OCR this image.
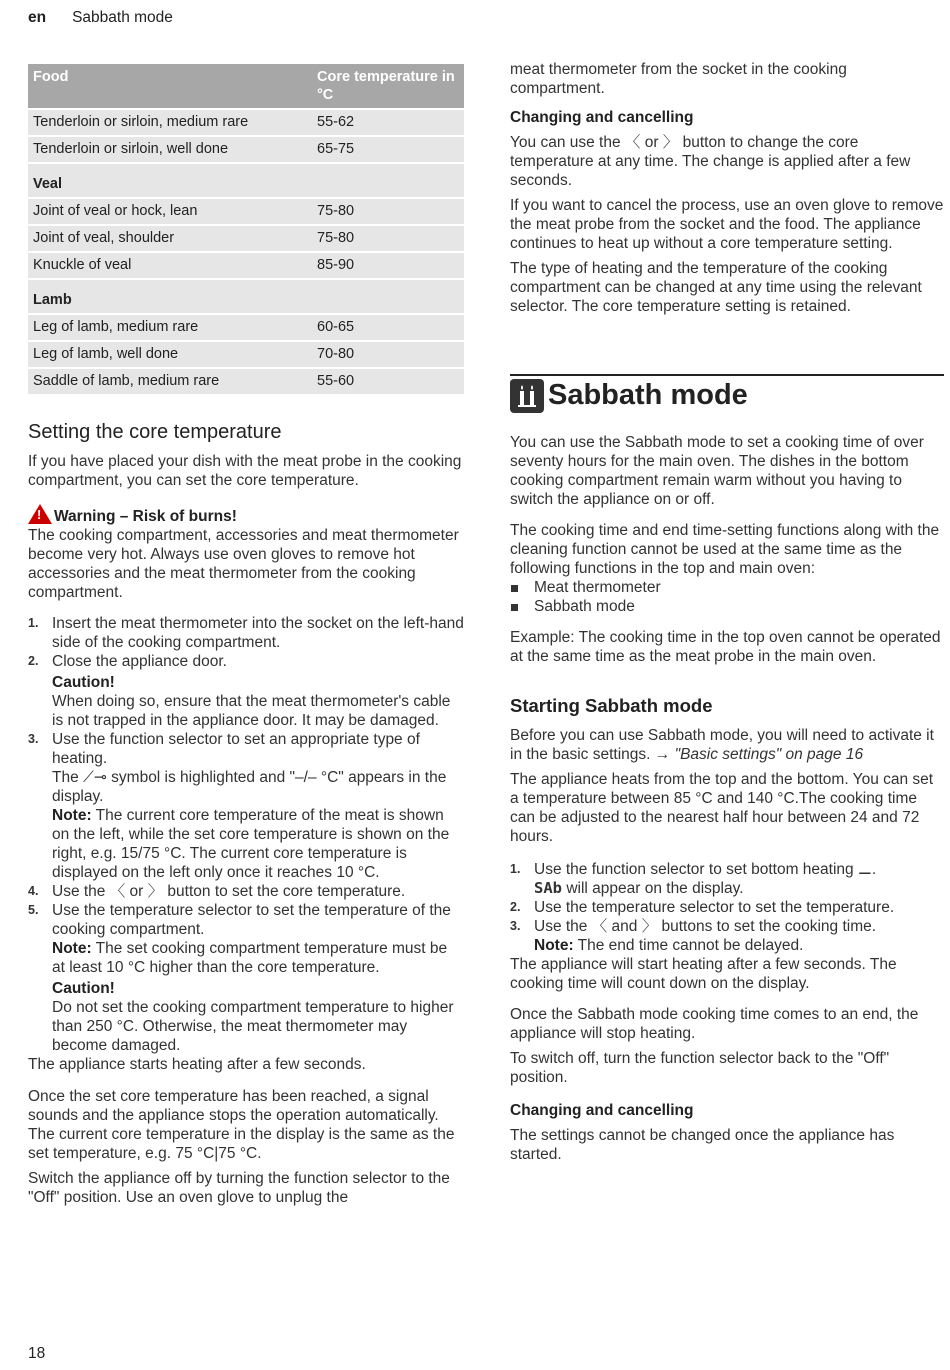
en Sabbath mode
Food	Core temperature in °C
Tenderloin or sirloin, medium rare	55-62
Tenderloin or sirloin, well done	65-75
Veal	
Joint of veal or hock, lean	75-80
Joint of veal, shoulder	75-80
Knuckle of veal	85-90
Lamb	
Leg of lamb, medium rare	60-65
Leg of lamb, well done	70-80
Saddle of lamb, medium rare	55-60
Setting the core temperature

If you have placed your dish with the meat probe in the cooking compartment, you can set the core temperature.

!Warning – Risk of burns!

The cooking compartment, accessories and meat thermometer become very hot. Always use oven gloves to remove hot accessories and the meat thermometer from the cooking compartment.

1. Insert the meat thermometer into the socket on the left-hand side of the cooking compartment.
2. Close the appliance door.
Caution!
When doing so, ensure that the meat thermometer's cable is not trapped in the appliance door. It may be damaged.
3. Use the function selector to set an appropriate type of heating.
The ⟋⊸ symbol is highlighted and "–/– °C" appears in the display.
Note: The current core temperature of the meat is shown on the left, while the set core temperature is shown on the right, e.g. 15/75 °C. The current core temperature is displayed on the left only once it reaches 10 °C.
4. Use the 〈 or 〉 button to set the core temperature.
5. Use the temperature selector to set the temperature of the cooking compartment.
Note: The set cooking compartment temperature must be at least 10 °C higher than the core temperature.
Caution!
Do not set the cooking compartment temperature to higher than 250 °C. Otherwise, the meat thermometer may become damaged.

The appliance starts heating after a few seconds.

Once the set core temperature has been reached, a signal sounds and the appliance stops the operation automatically. The current core temperature in the display is the same as the set temperature, e.g. 75 °C|75 °C.

Switch the appliance off by turning the function selector to the "Off" position. Use an oven glove to unplug the

meat thermometer from the socket in the cooking compartment.

Changing and cancelling

You can use the 〈 or 〉 button to change the core temperature at any time. The change is applied after a few seconds.

If you want to cancel the process, use an oven glove to remove the meat probe from the socket and the food. The appliance continues to heat up without a core temperature setting.

The type of heating and the temperature of the cooking compartment can be changed at any time using the relevant selector. The core temperature setting is retained.

Sabbath mode

You can use the Sabbath mode to set a cooking time of over seventy hours for the main oven. The dishes in the bottom cooking compartment remain warm without you having to switch the appliance on or off.

The cooking time and end time-setting functions along with the cleaning function cannot be used at the same time as the following functions in the top and main oven:

Meat thermometer
Sabbath mode

Example: The cooking time in the top oven cannot be operated at the same time as the meat probe in the main oven.

Starting Sabbath mode

Before you can use Sabbath mode, you will need to activate it in the basic settings. → "Basic settings" on page 16

The appliance heats from the top and the bottom. You can set a temperature between 85 °C and 140 °C.The cooking time can be adjusted to the nearest half hour between 24 and 72 hours.

1. Use the function selector to set bottom heating ⚊.
SAb will appear on the display.
2. Use the temperature selector to set the temperature.
3. Use the 〈 and 〉 buttons to set the cooking time.
Note: The end time cannot be delayed.

The appliance will start heating after a few seconds. The cooking time will count down on the display.

Once the Sabbath mode cooking time comes to an end, the appliance will stop heating.

To switch off, turn the function selector back to the "Off" position.

Changing and cancelling

The settings cannot be changed once the appliance has started.

18
